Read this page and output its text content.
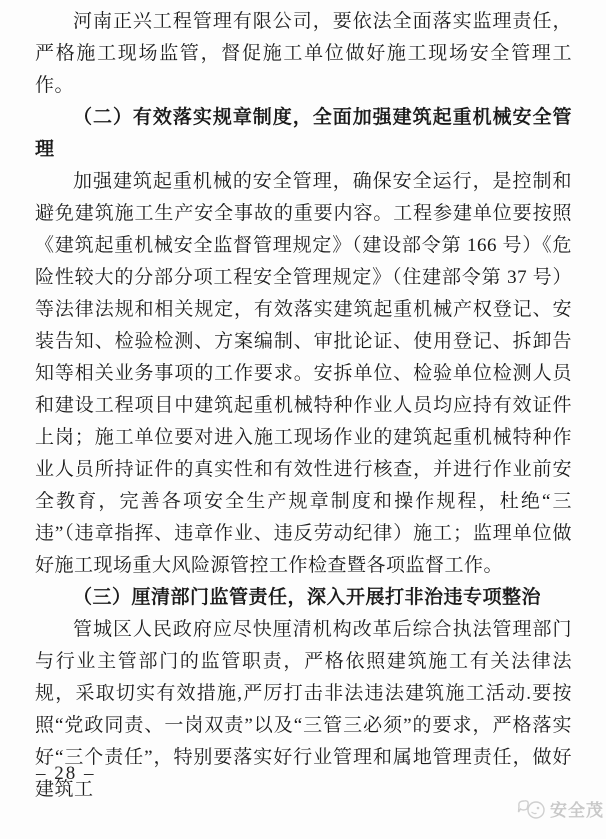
河南正兴工程管理有限公司，要依法全面落实监理责任，严格施工现场监管，督促施工单位做好施工现场安全管理工作。
（二）有效落实规章制度，全面加强建筑起重机械安全管理
加强建筑起重机械的安全管理，确保安全运行，是控制和避免建筑施工生产安全事故的重要内容。工程参建单位要按照《建筑起重机械安全监督管理规定》（建设部令第 166 号）《危险性较大的分部分项工程安全管理规定》（住建部令第 37 号）等法律法规和相关规定，有效落实建筑起重机械产权登记、安装告知、检验检测、方案编制、审批论证、使用登记、拆卸告知等相关业务事项的工作要求。安拆单位、检验单位检测人员和建设工程项目中建筑起重机械特种作业人员均应持有效证件上岗；施工单位要对进入施工现场作业的建筑起重机械特种作业人员所持证件的真实性和有效性进行核查，并进行作业前安全教育，完善各项安全生产规章制度和操作规程，杜绝“三违”（违章指挥、违章作业、违反劳动纪律）施工；监理单位做好施工现场重大风险源管控工作检查暨各项监督工作。
（三）厘清部门监管责任，深入开展打非治违专项整治
管城区人民政府应尽快厘清机构改革后综合执法管理部门与行业主管部门的监管职责，严格依照建筑施工有关法律法规，采取切实有效措施,严厉打击非法违法建筑施工活动.要按照“党政同责、一岗双责”以及“三管三必须”的要求，严格落实好“三个责任”，特别要落实好行业管理和属地管理责任，做好建筑工
– 28 –
安全茂
